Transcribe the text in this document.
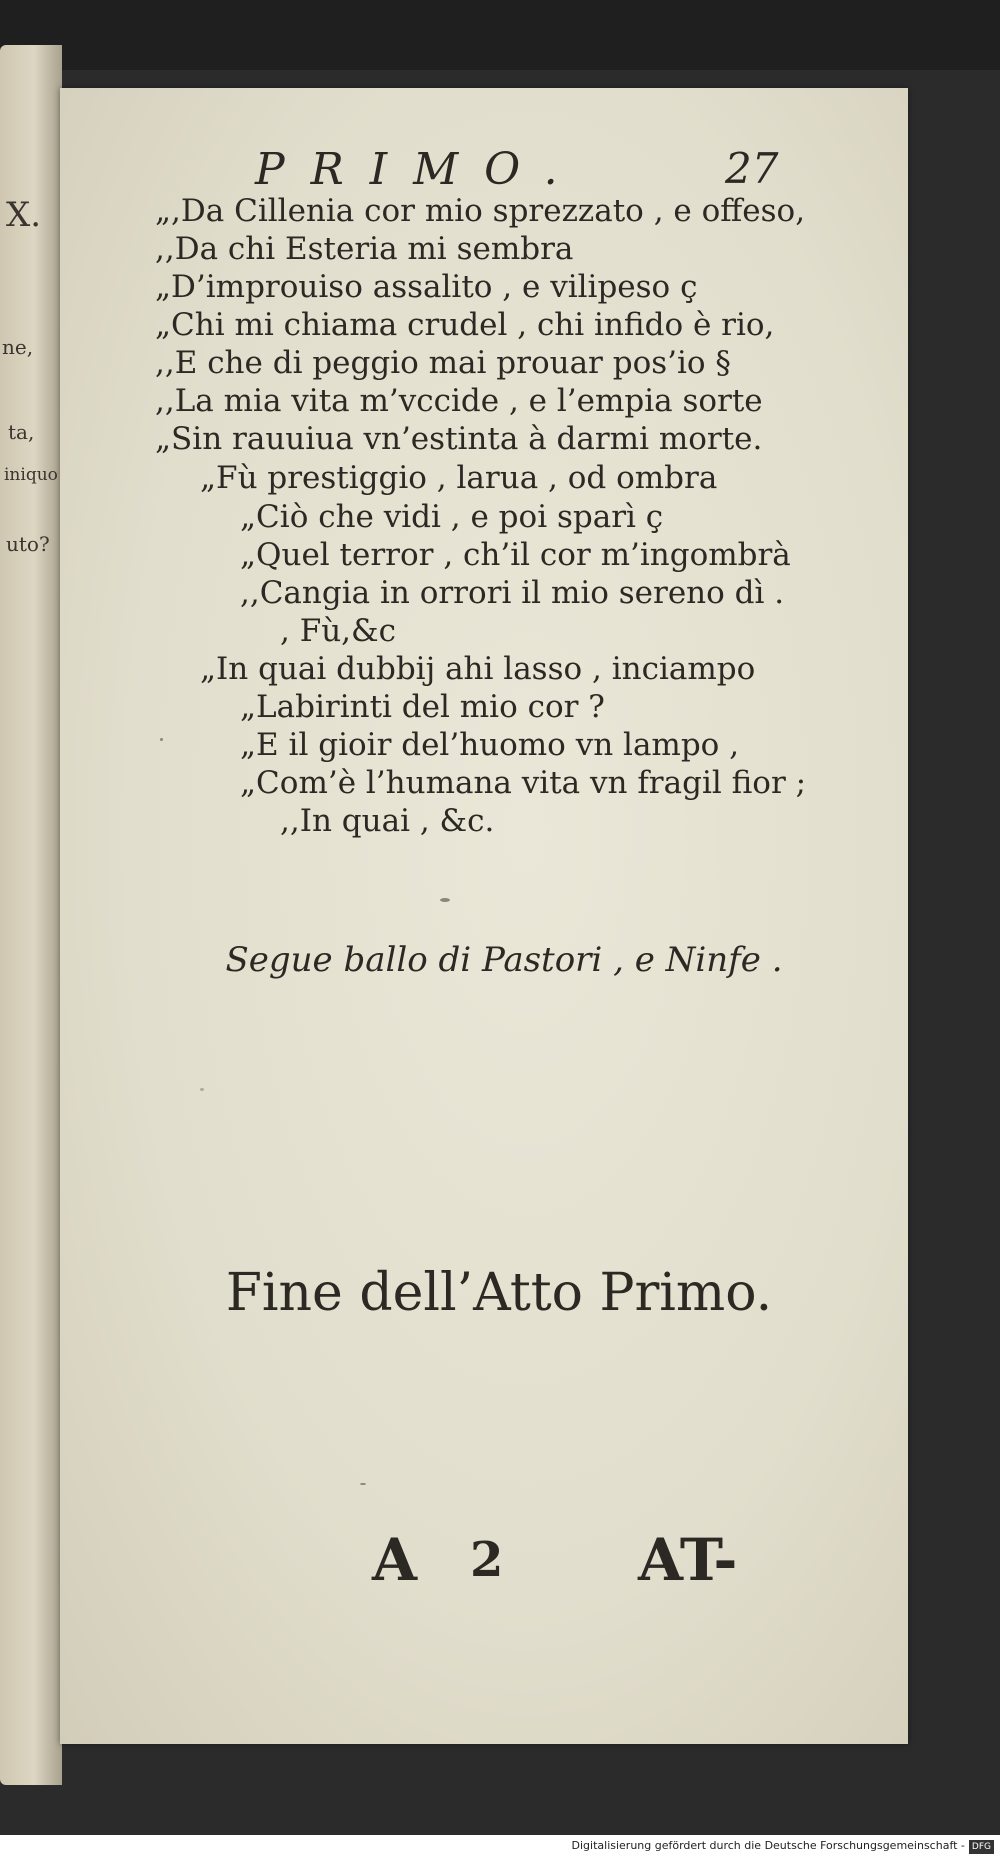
X.
ne,
ta,
iniquo
uto?
PRIMO.	27
„,Da Cillenia cor mio sprezzato , e offeso,
,,Da chi Esteria mi sembra
„D’improuiso assalito , e vilipeso ç
„Chi mi chiama crudel , chi infido è rio,
,,E che di peggio mai prouar pos’io §
,,La mia vita m’vccide , e l’empia sorte
„Sin rauuiua vn’estinta à darmi morte.
„Fù prestiggio , larua , od ombra
„Ciò che vidi , e poi sparì ç
„Quel terror , ch’il cor m’ingombrà
,,Cangia in orrori il mio sereno dì .
, Fù,&c
„In quai dubbij ahi lasso , inciampo
„Labirinti del mio cor ?
„E il gioir del’huomo vn lampo ,
„Com’è l’humana vita vn fragil fior ;
,,In quai , &c.
Segue ballo di Pastori , e Ninfe .
Fine dell’Atto Primo.
A 2 AT-
Digitalisierung gefördert durch die Deutsche Forschungsgemeinschaft - DFG
